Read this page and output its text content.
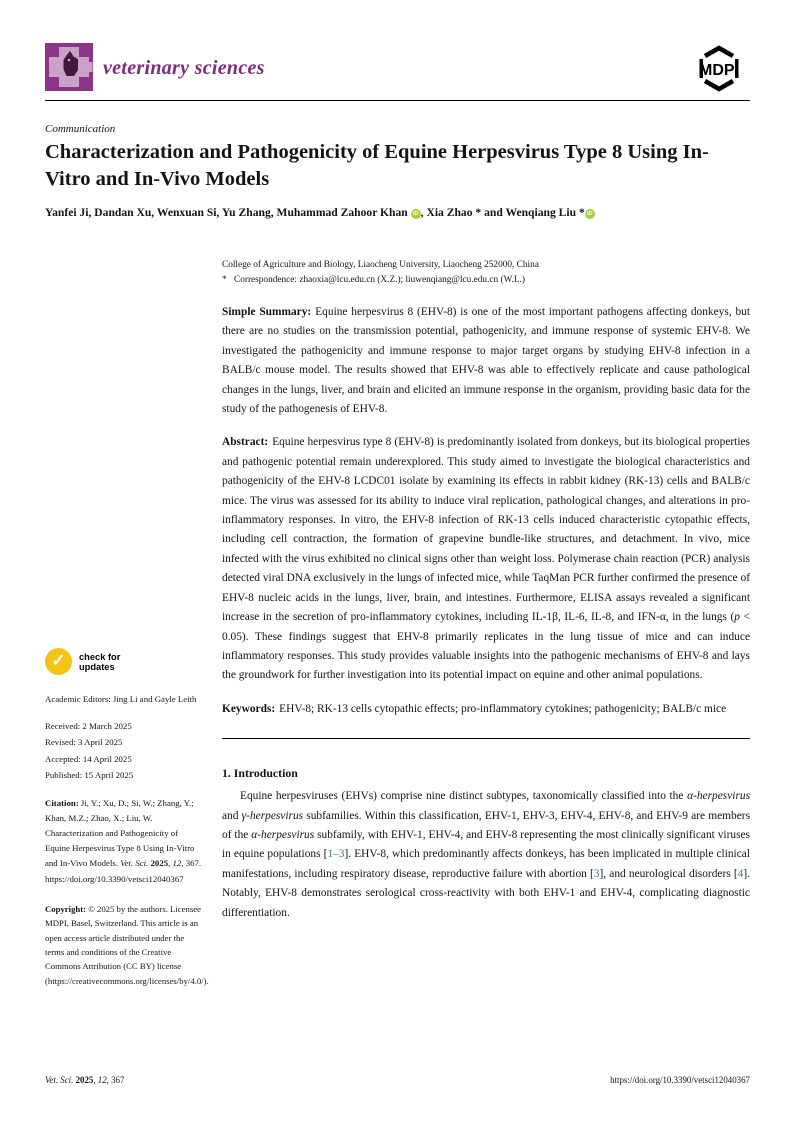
veterinary sciences	MDPI

Communication

Characterization and Pathogenicity of Equine Herpesvirus Type 8 Using In-Vitro and In-Vivo Models

Yanfei Ji, Dandan Xu, Wenxuan Si, Yu Zhang, Muhammad Zahoor Khan iD , Xia Zhao * and Wenqiang Liu * iD

College of Agriculture and Biology, Liaocheng University, Liaocheng 252000, China
* Correspondence: zhaoxia@lcu.edu.cn (X.Z.); liuwenqiang@lcu.edu.cn (W.L.)

Simple Summary: Equine herpesvirus 8 (EHV-8) is one of the most important pathogens affecting donkeys, but there are no studies on the transmission potential, pathogenicity, and immune response of systemic EHV-8. We investigated the pathogenicity and immune response to major target organs by studying EHV-8 infection in a BALB/c mouse model. The results showed that EHV-8 was able to effectively replicate and cause pathological changes in the lungs, liver, and brain and elicited an immune response in the organism, providing basic data for the study of the pathogenesis of EHV-8.

Abstract: Equine herpesvirus type 8 (EHV-8) is predominantly isolated from donkeys, but its biological properties and pathogenic potential remain underexplored. This study aimed to investigate the biological characteristics and pathogenicity of the EHV-8 LCDC01 isolate by examining its effects in rabbit kidney (RK-13) cells and BALB/c mice. The virus was assessed for its ability to induce viral replication, pathological changes, and alterations in pro-inflammatory responses. In vitro, the EHV-8 infection of RK-13 cells induced characteristic cytopathic effects, including cell contraction, the formation of grapevine bundle-like structures, and detachment. In vivo, mice infected with the virus exhibited no clinical signs other than weight loss. Polymerase chain reaction (PCR) analysis detected viral DNA exclusively in the lungs of infected mice, while TaqMan PCR further confirmed the presence of EHV-8 nucleic acids in the lungs, liver, brain, and intestines. Furthermore, ELISA assays revealed a significant increase in the secretion of pro-inflammatory cytokines, including IL-1β, IL-6, IL-8, and IFN-α, in the lungs (p < 0.05). These findings suggest that EHV-8 primarily replicates in the lung tissue of mice and can induce inflammatory responses. This study provides valuable insights into the pathogenic mechanisms of EHV-8 and lays the groundwork for further investigation into its potential impact on equine and other animal populations.

Keywords: EHV-8; RK-13 cells cytopathic effects; pro-inflammatory cytokines; pathogenicity; BALB/c mice

1. Introduction

Equine herpesviruses (EHVs) comprise nine distinct subtypes, taxonomically classified into the α-herpesvirus and γ-herpesvirus subfamilies. Within this classification, EHV-1, EHV-3, EHV-4, EHV-8, and EHV-9 are members of the α-herpesvirus subfamily, with EHV-1, EHV-4, and EHV-8 representing the most clinically significant viruses in equine populations [1–3]. EHV-8, which predominantly affects donkeys, has been implicated in multiple clinical manifestations, including respiratory disease, reproductive failure with abortion [3], and neurological disorders [4]. Notably, EHV-8 demonstrates serological cross-reactivity with both EHV-1 and EHV-4, complicating diagnostic differentiation.

✓	check for
updates
Academic Editors: Jing Li and Gayle Leith
Received: 2 March 2025
Revised: 3 April 2025
Accepted: 14 April 2025
Published: 15 April 2025
Citation: Ji, Y.; Xu, D.; Si, W.; Zhang, Y.; Khan, M.Z.; Zhao, X.; Liu, W. Characterization and Pathogenicity of Equine Herpesvirus Type 8 Using In-Vitro and In-Vivo Models. Vet. Sci. 2025, 12, 367. https://doi.org/10.3390/vetsci12040367
Copyright: © 2025 by the authors. Licensee MDPI, Basel, Switzerland. This article is an open access article distributed under the terms and conditions of the Creative Commons Attribution (CC BY) license (https://creativecommons.org/licenses/by/4.0/).
Vet. Sci. 2025, 12, 367	https://doi.org/10.3390/vetsci12040367
